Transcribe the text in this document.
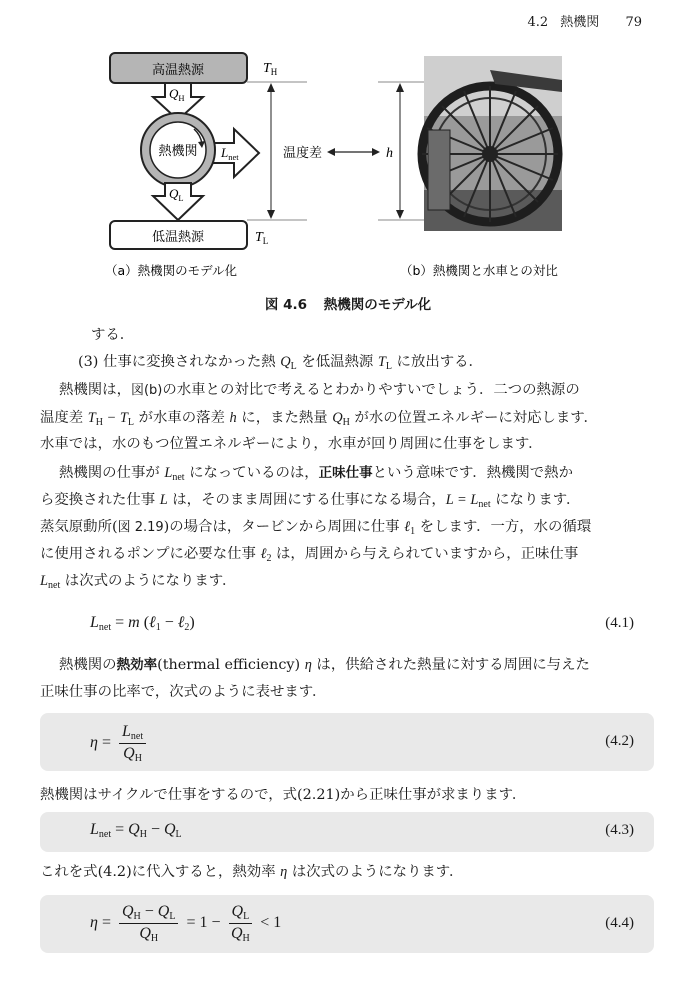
4.2 熱機関 79
高温熱源	$T_H$
$Q_H$
$L_{net}$
熱機関
$Q_L$
低温熱源	$T_L$
温度差	h
（a）熱機関のモデル化	（b）熱機関と水車との対比
図 4.6 熱機関のモデル化
する．
(3) 仕事に変換されなかった熱 $Q_L$ を低温熱源 $T_L$ に放出する．
熱機関は，図(b)の水車との対比で考えるとわかりやすいでしょう．二つの熱源の
温度差 $T_H - T_L$ が水車の落差 h に，また熱量 $Q_H$ が水の位置エネルギーに対応します．
水車では，水のもつ位置エネルギーにより，水車が回り周囲に仕事をします．
熱機関の仕事が $L_{net}$ になっているのは，正味仕事という意味です．熱機関で熱か
ら変換された仕事 L は，そのまま周囲にする仕事になる場合，$L = L_{net}$ になります．
蒸気原動所(図 2.19)の場合は，タービンから周囲に仕事 ℓ$_1$ をします．一方，水の循環
に使用されるポンプに必要な仕事 ℓ$_2$ は，周囲から与えられていますから，正味仕事
$L_{net}$ は次式のようになります．
$L_{net} = m$ (ℓ$_1$ − ℓ$_2$)	(4.1)
熱機関の熱効率(thermal efficiency) η は，供給された熱量に対する周囲に与えた
正味仕事の比率で，次式のように表せます．
$\eta = \frac{L_{net}}{Q_H}$	(4.2)
熱機関はサイクルで仕事をするので，式(2.21)から正味仕事が求まります．
$L_{net} = Q_H - Q_L$	(4.3)
これを式(4.2)に代入すると，熱効率 η は次式のようになります．
$\eta = \frac{Q_H - Q_L}{Q_H} = 1 - \frac{Q_L}{Q_H} < 1$	(4.4)
